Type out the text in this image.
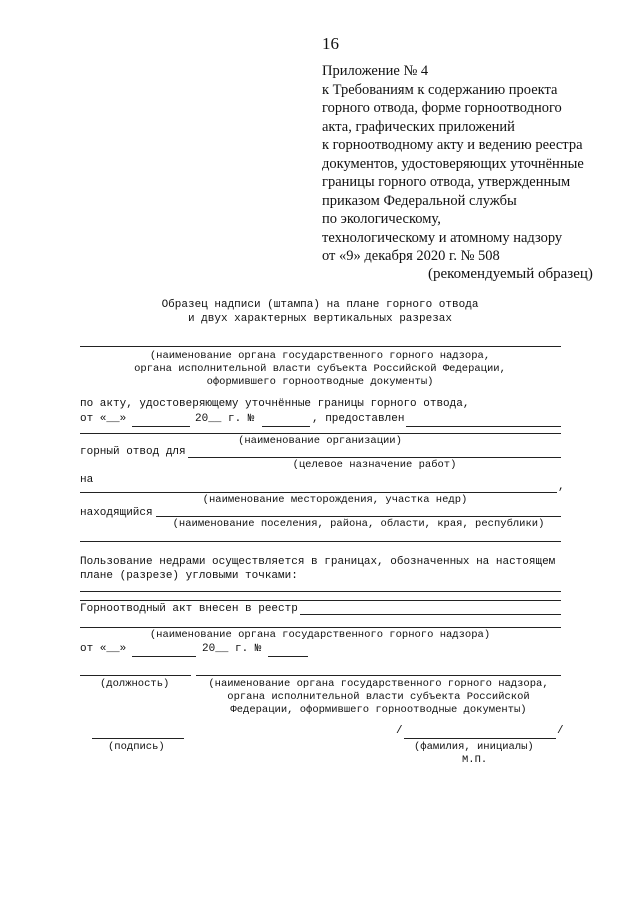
16
Приложение № 4
к Требованиям к содержанию проекта
горного отвода, форме горноотводного
акта, графических приложений
к горноотводному акту и ведению реестра
документов, удостоверяющих уточнённые
границы горного отвода, утвержденным
приказом Федеральной службы
по экологическому,
технологическому и атомному надзору
от «9» декабря 2020 г. № 508
(рекомендуемый образец)
Образец надписи (штампа) на плане горного отвода
и двух характерных вертикальных разрезах
(наименование органа государственного горного надзора,
органа исполнительной власти субъекта Российской Федерации,
оформившего горноотводные документы)
по акту, удостоверяющему уточнённые границы горного отвода,
от «__»	20__ г. №	, предоставлен
(наименование организации)
горный отвод для
(целевое назначение работ)
на
,
(наименование месторождения, участка недр)
находящийся
(наименование поселения, района, области, края, республики)
Пользование недрами осуществляется в границах, обозначенных на настоящем
плане (разрезе) угловыми точками:
Горноотводный акт внесен в реестр
(наименование органа государственного горного надзора)
от «__»	20__ г. №
(должность)	(наименование органа государственного горного надзора,
органа исполнительной власти субъекта Российской
Федерации, оформившего горноотводные документы)
(подпись)
/	/
(фамилия, инициалы)
М.П.
